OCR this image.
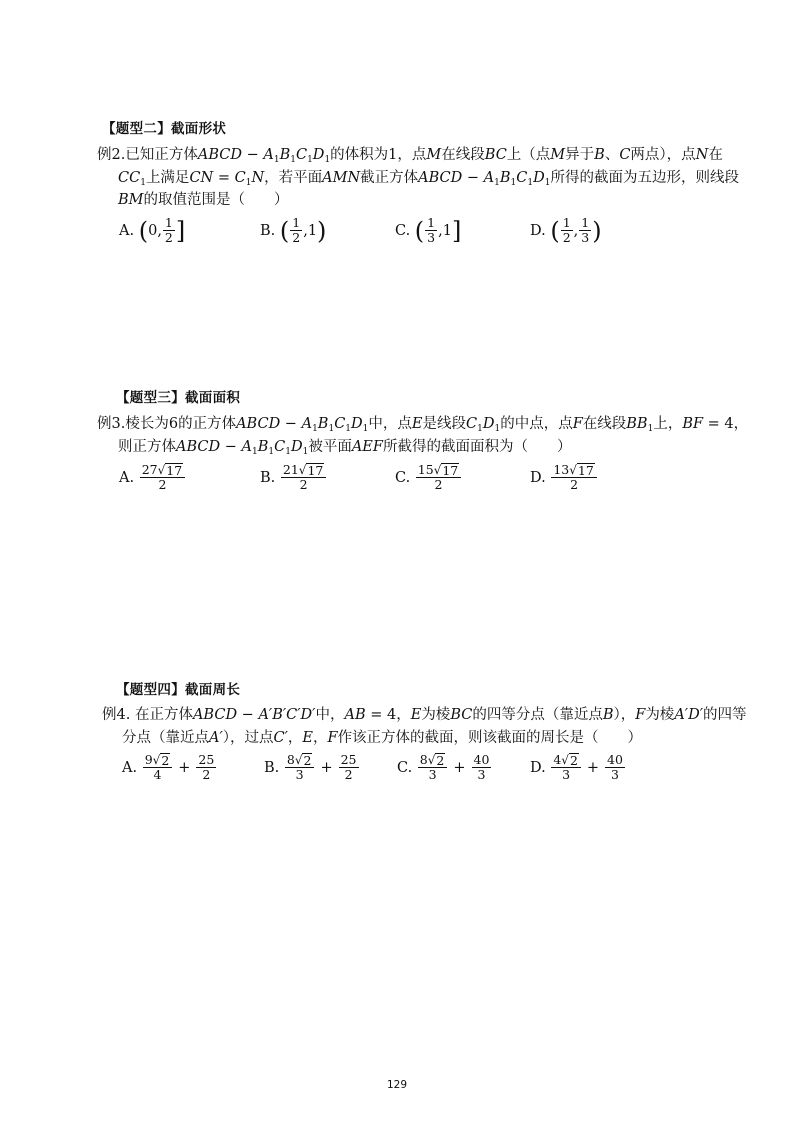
【题型二】截面形状
例2.已知正方体ABCD − $A_1B_1C_1D_1$的体积为1，点M在线段BC上（点M异于B、C两点），点N在
$CC_1$上满足CN = $C_1N$，若平面AMN截正方体ABCD − $A_1B_1C_1D_1$所得的截面为五边形，则线段
BM的取值范围是（　　）
A.
( 0 , $\frac{1}{2}$ ]	B.
( $\frac{1}{2}$ , 1 )	C.
( $\frac{1}{3}$ , 1 ]	D.
( $\frac{1}{2}$ , $\frac{1}{3}$ )
【题型三】截面面积
例3.棱长为6的正方体ABCD − $A_1B_1C_1D_1$中，点E是线段$C_1D_1$的中点，点F在线段$BB_1$上，BF = 4，
则正方体ABCD − $A_1B_1C_1D_1$被平面AEF所截得的截面面积为（　　）
A.
$\frac{27 √ 17}{2}$	B.
$\frac{21 √ 17}{2}$	C.
$\frac{15 √ 17}{2}$	D.
$\frac{13 √ 17}{2}$
【题型四】截面周长
例4. 在正方体ABCD − A′B′C′D′中，AB = 4，E为棱BC的四等分点（靠近点B），F为棱A′D′的四等
分点（靠近点A′），过点C′，E，F作该正方体的截面，则该截面的周长是（　　）
A.
$\frac{9 √ 2}{4} + \frac{25}{2}$	B.
$\frac{8 √ 2}{3} + \frac{25}{2}$	C.
$\frac{8 √ 2}{3} + \frac{40}{3}$	D.
$\frac{4 √ 2}{3} + \frac{40}{3}$
129
